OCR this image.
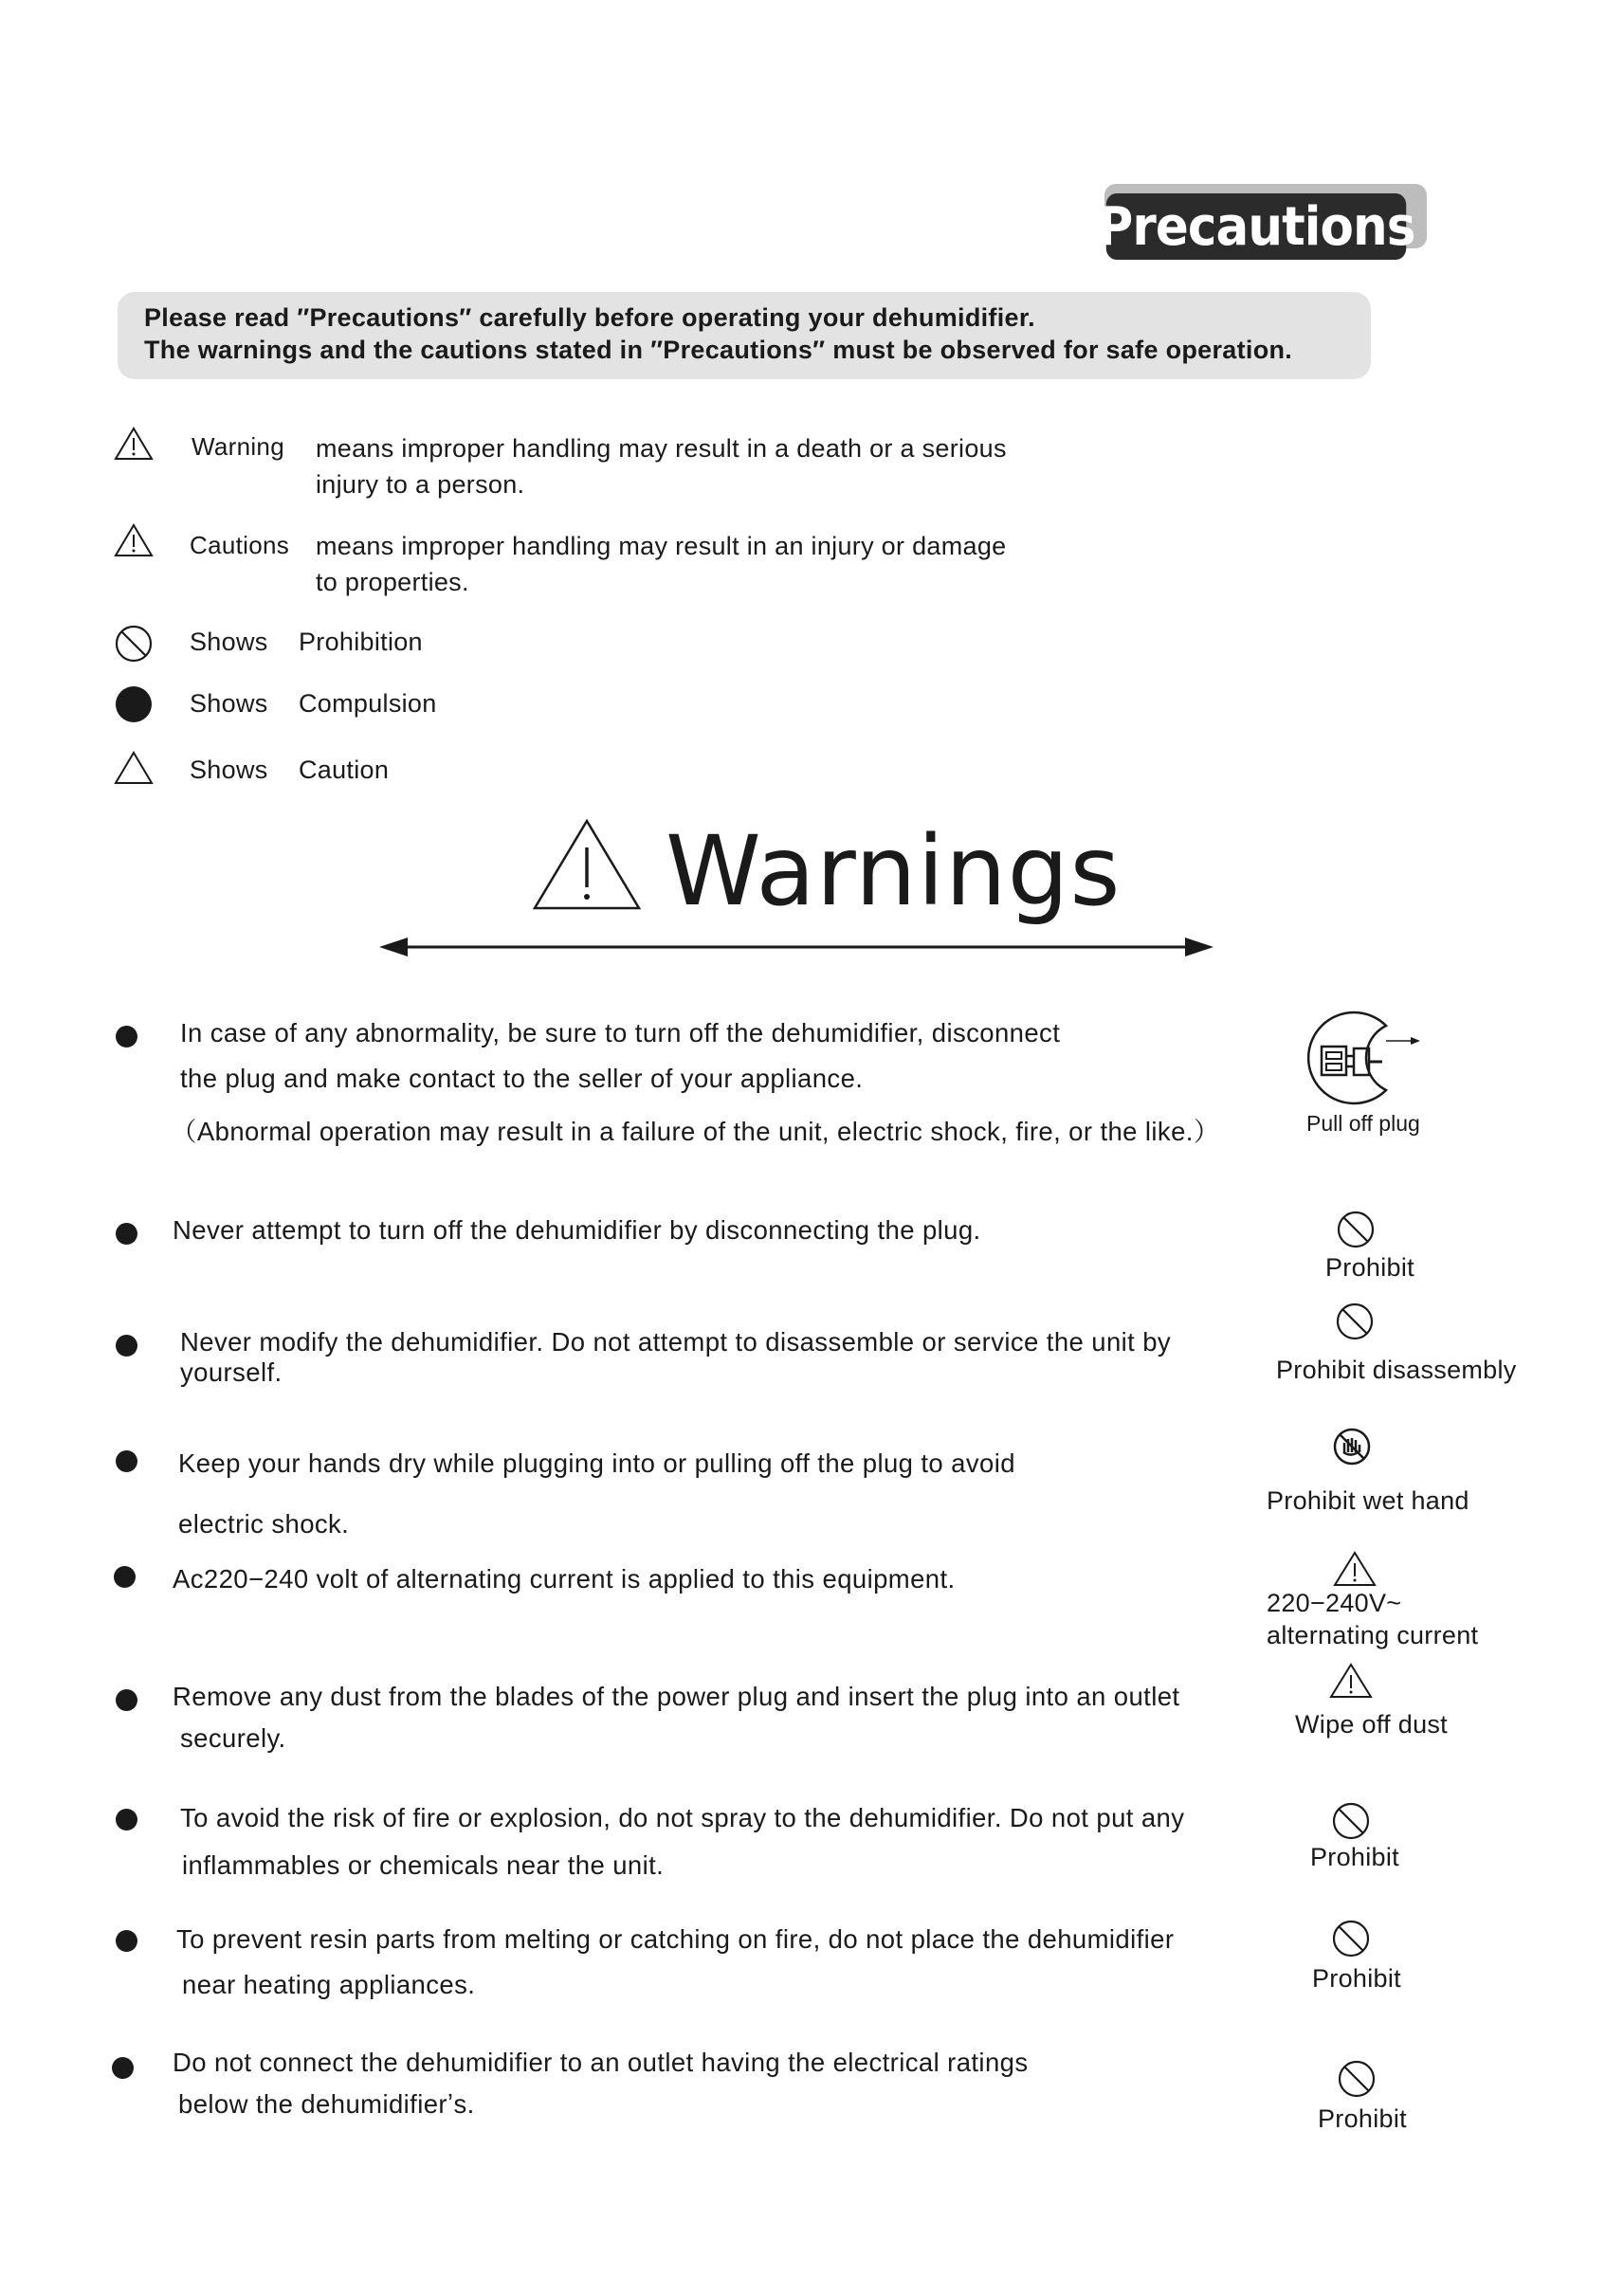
Precautions
Please read ″Precautions″ carefully before operating your dehumidifier.
The warnings and the cautions stated in ″Precautions″ must be observed for safe operation.
Warning means improper handling may result in a death or a serious
injury to a person.
Cautions means improper handling may result in an injury or damage
to properties.
Shows Prohibition
Shows Compulsion
Shows Caution
Warnings
In case of any abnormality, be sure to turn off the dehumidifier, disconnect
the plug and make contact to the seller of your appliance.
（Abnormal operation may result in a failure of the unit, electric shock, fire, or the like.）	Pull off plug
Never attempt to turn off the dehumidifier by disconnecting the plug.
Prohibit
Never modify the dehumidifier. Do not attempt to disassemble or service the unit by
yourself.	Prohibit disassembly
Keep your hands dry while plugging into or pulling off the plug to avoid
electric shock.
Prohibit wet hand
Ac220−240 volt of alternating current is applied to this equipment.
220−240V~
alternating current
Remove any dust from the blades of the power plug and insert the plug into an outlet
securely.	Wipe off dust
To avoid the risk of fire or explosion, do not spray to the dehumidifier. Do not put any
inflammables or chemicals near the unit.	Prohibit
To prevent resin parts from melting or catching on fire, do not place the dehumidifier
near heating appliances.	Prohibit
Do not connect the dehumidifier to an outlet having the electrical ratings
below the dehumidifierʼs.	Prohibit
